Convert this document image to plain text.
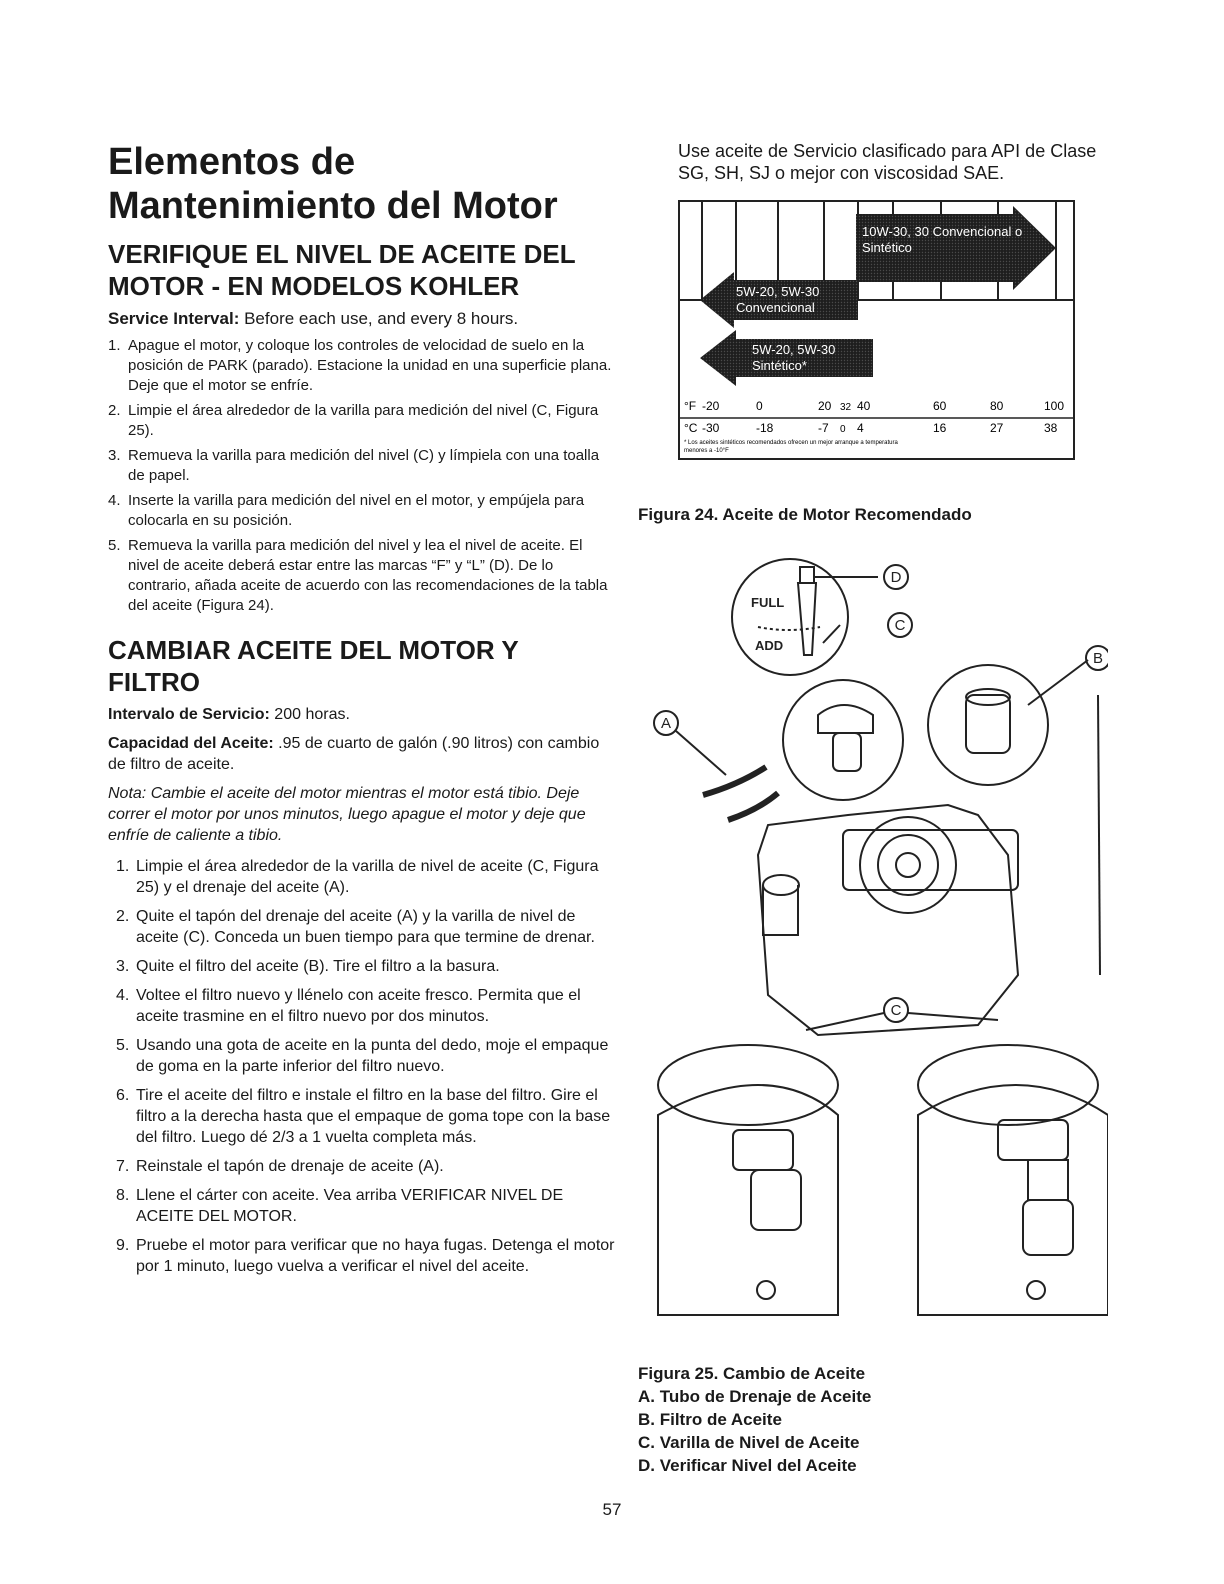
Elementos de Mantenimiento del Motor
VERIFIQUE EL NIVEL DE ACEITE DEL MOTOR - EN MODELOS KOHLER

Service Interval: Before each use, and every 8 hours.

1. Apague el motor, y coloque los controles de velocidad de suelo en la posición de PARK (parado). Estacione la unidad en una superficie plana. Deje que el motor se enfríe.
2. Limpie el área alrededor de la varilla para medición del nivel (C, Figura 25).
3. Remueva la varilla para medición del nivel (C) y límpiela con una toalla de papel.
4. Inserte la varilla para medición del nivel en el motor, y empújela para colocarla en su posición.
5. Remueva la varilla para medición del nivel y lea el nivel de aceite. El nivel de aceite deberá estar entre las marcas “F” y “L” (D). De lo contrario, añada aceite de acuerdo con las recomendaciones de la tabla del aceite (Figura 24).
CAMBIAR ACEITE DEL MOTOR Y FILTRO

Intervalo de Servicio: 200 horas.

Capacidad del Aceite: .95 de cuarto de galón (.90 litros) con cambio de filtro de aceite.

Nota: Cambie el aceite del motor mientras el motor está tibio. Deje correr el motor por unos minutos, luego apague el motor y deje que enfríe de caliente a tibio.

1. Limpie el área alrededor de la varilla de nivel de aceite (C, Figura 25) y el drenaje del aceite (A).
2. Quite el tapón del drenaje del aceite (A) y la varilla de nivel de aceite (C). Conceda un buen tiempo para que termine de drenar.
3. Quite el filtro del aceite (B). Tire el filtro a la basura.
4. Voltee el filtro nuevo y llénelo con aceite fresco. Permita que el aceite trasmine en el filtro nuevo por dos minutos.
5. Usando una gota de aceite en la punta del dedo, moje el empaque de goma en la parte inferior del filtro nuevo.
6. Tire el aceite del filtro e instale el filtro en la base del filtro. Gire el filtro a la derecha hasta que el empaque de goma tope con la base del filtro. Luego dé 2/3 a 1 vuelta completa más.
7. Reinstale el tapón de drenaje de aceite (A).
8. Llene el cárter con aceite. Vea arriba VERIFICAR NIVEL DE ACEITE DEL MOTOR.
9. Pruebe el motor para verificar que no haya fugas. Detenga el motor por 1 minuto, luego vuelva a verificar el nivel del aceite.

Use aceite de Servicio clasificado para API de Clase SG, SH, SJ o mejor con viscosidad SAE.

10W-30, 30 Convencional o
Sintético
5W-20, 5W-30
Convencional
5W-20, 5W-30
Sintético*
°F
°C
-20	0	20 32 40	60	80	100
-30	-18	-7 0 4	16	27	38
* Los aceites sintéticos recomendados ofrecen un mejor arranque a temperatura
menores a -10°F
Figura 24. Aceite de Motor Recomendado
FULL
ADD
D
C
B
A
C
Figura 25. Cambio de Aceite
A. Tubo de Drenaje de Aceite
B. Filtro de Aceite
C. Varilla de Nivel de Aceite
D. Verificar Nivel del Aceite
57
